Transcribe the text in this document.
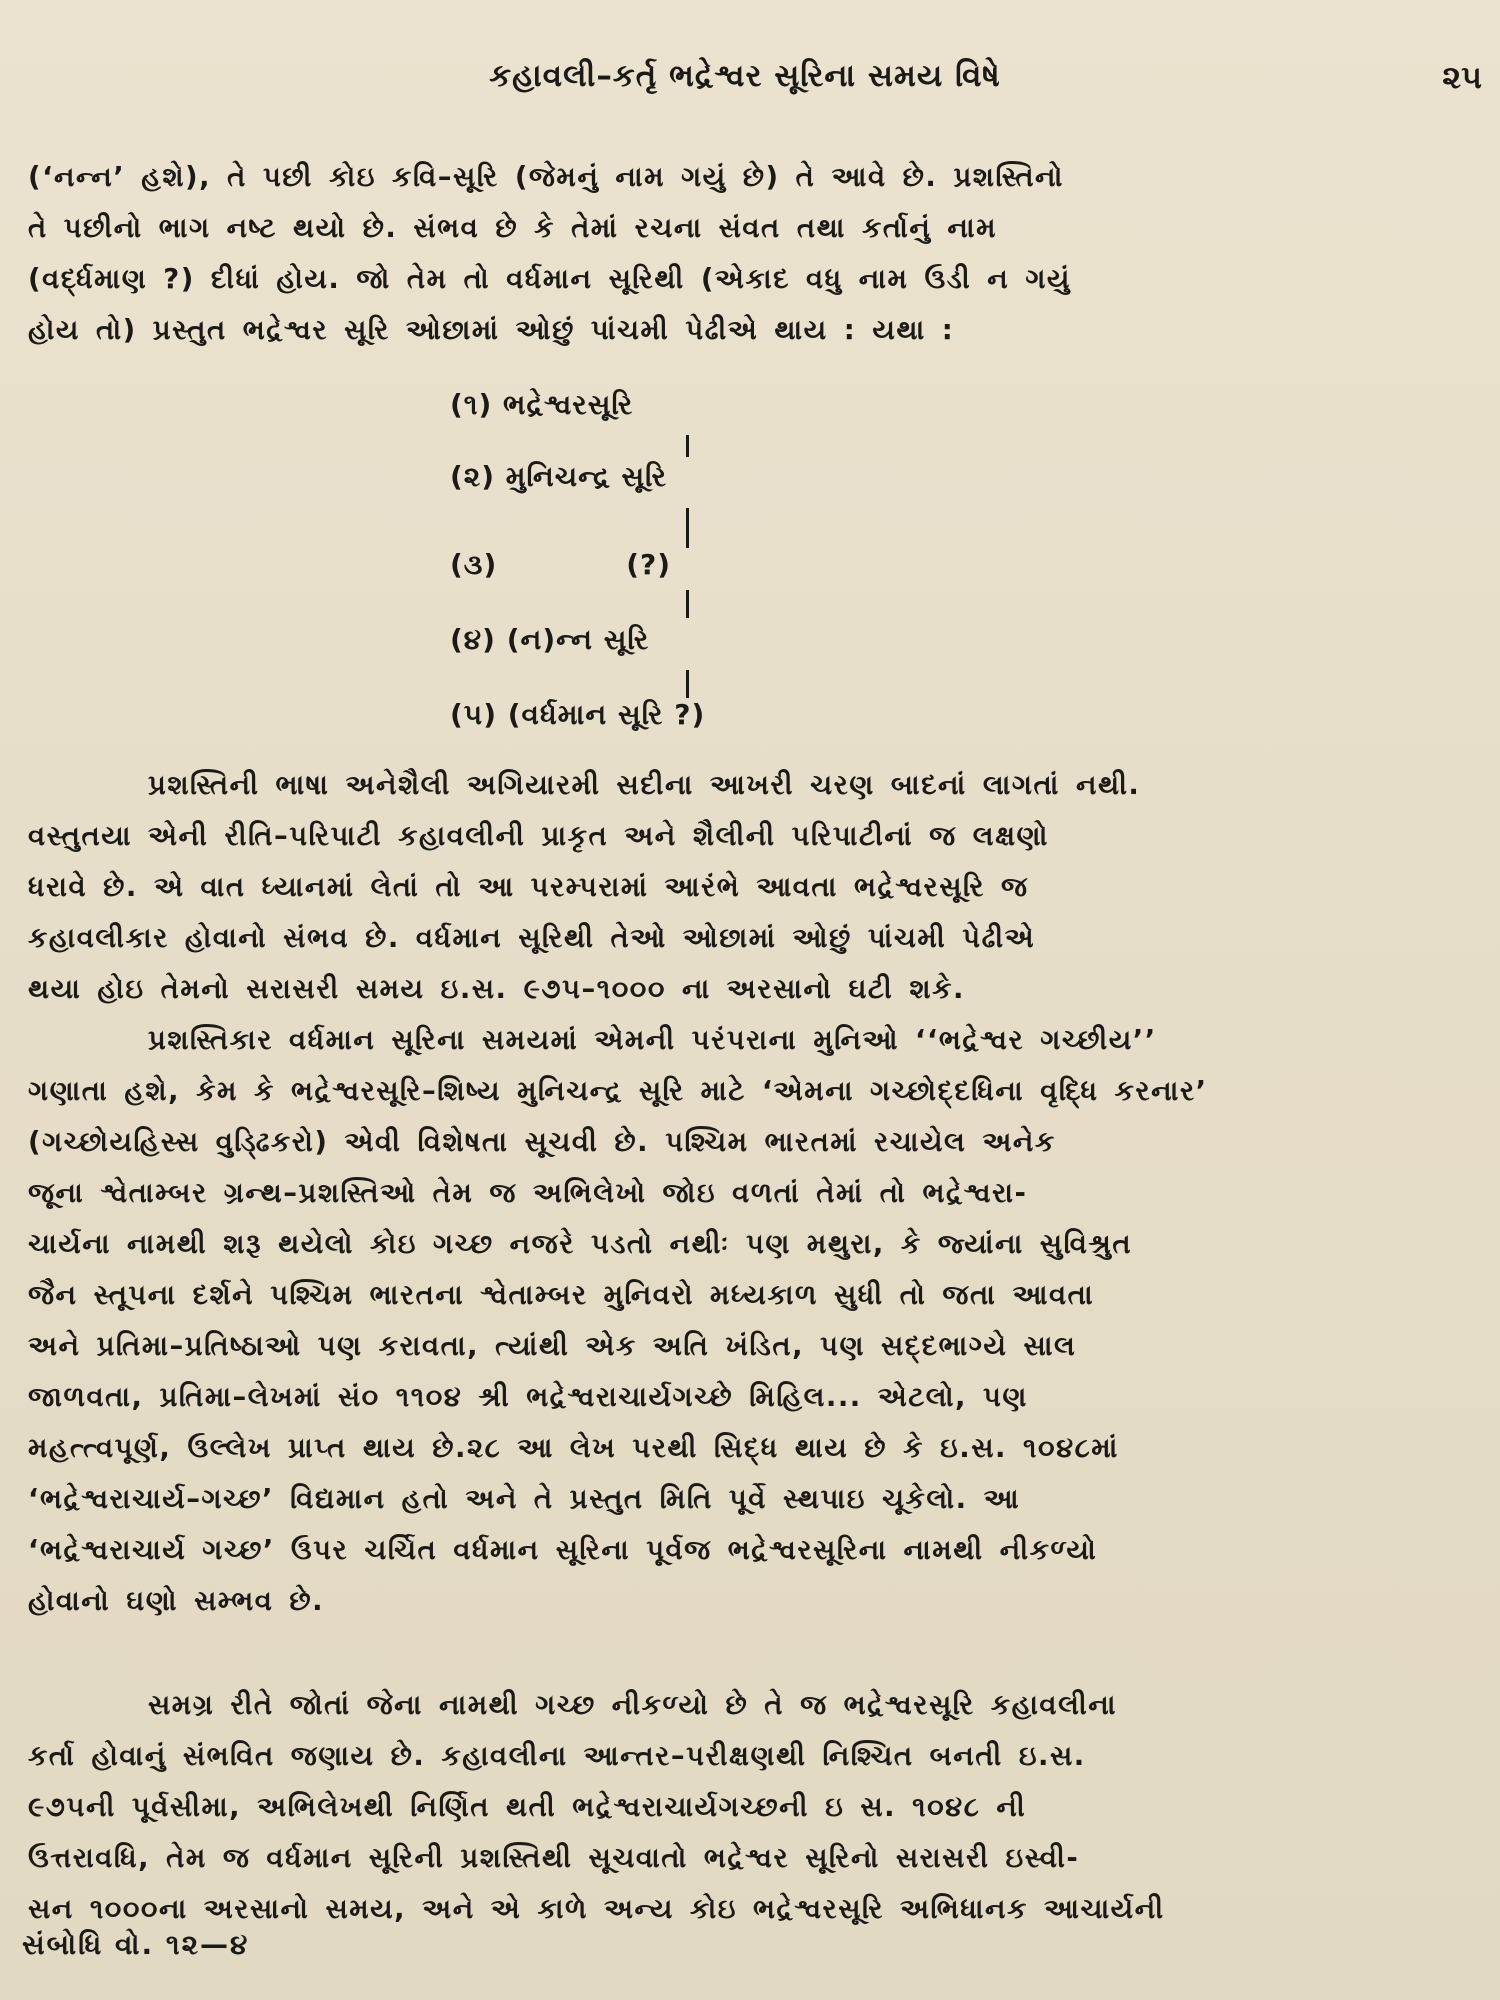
કહાવલી–કર્તૃ ભદ્રેશ્વર સૂરિના સમય વિષે	૨૫
(‘નન્ન’ હશે), તે પછી કોઇ કવિ–સૂરિ (જેમનું નામ ગયું છે) તે આવે છે. પ્રશસ્તિનો
તે પછીનો ભાગ નષ્ટ થયો છે. સંભવ છે કે તેમાં રચના સંવત તથા કર્તાનું નામ
(વર્દ્ધમાણ ?) દીધાં હોય. જો તેમ તો વર્ધમાન સૂરિથી (એકાદ વધુ નામ ઉડી ન ગયું
હોય તો) પ્રસ્તુત ભદ્રેશ્વર સૂરિ ઓછામાં ઓછું પાંચમી પેઢીએ થાય : યથા :
(૧) ભદ્રેશ્વરસૂરિ
(૨) મુનિચન્દ્ર સૂરિ
(૩)            (?)
(૪) (ન)ન્ન સૂરિ
(૫) (વર્ધમાન સૂરિ ?)
પ્રશસ્તિની ભાષા અનેશૈલી અગિયારમી સદીના આખરી ચરણ બાદનાં લાગતાં નથી.
વસ્તુતયા એની રીતિ–પરિપાટી કહાવલીની પ્રાકૃત અને શૈલીની પરિપાટીનાં જ લક્ષણો
ધરાવે છે. એ વાત ધ્યાનમાં લેતાં તો આ પરમ્પરામાં આરંભે આવતા ભદ્રેશ્વરસૂરિ જ
કહાવલીકાર હોવાનો સંભવ છે. વર્ધમાન સૂરિથી તેઓ ઓછામાં ઓછું પાંચમી પેઢીએ
થયા હોઇ તેમનો સરાસરી સમય ઇ.સ. ૯૭૫–૧૦૦૦ ના અરસાનો ઘટી શકે.
પ્રશસ્તિકાર વર્ધમાન સૂરિના સમયમાં એમની પરંપરાના મુનિઓ ‘‘ભદ્રેશ્વર ગચ્છીય’’
ગણાતા હશે, કેમ કે ભદ્રેશ્વરસૂરિ–શિષ્ય મુનિચન્દ્ર સૂરિ માટે ‘એમના ગચ્છોદ્દધિના વૃદ્ધિ કરનાર’
(ગચ્છોયહિસ્સ વુડ્ઢિકરો) એવી વિશેષતા સૂચવી છે. પશ્ચિમ ભારતમાં રચાયેલ અનેક
જૂના શ્વેતામ્બર ગ્રન્થ–પ્રશસ્તિઓ તેમ જ અભિલેખો જોઇ વળતાં તેમાં તો ભદ્રેશ્વરા-
ચાર્યના નામથી શરૂ થયેલો કોઇ ગચ્છ નજરે પડતો નથીઃ પણ મથુરા, કે જ્યાંના સુવિશ્રુત
જૈન સ્તૂપના દર્શને પશ્ચિમ ભારતના શ્વેતામ્બર મુનિવરો મધ્યકાળ સુધી તો જતા આવતા
અને પ્રતિમા–પ્રતિષ્ઠાઓ પણ કરાવતા, ત્યાંથી એક અતિ ખંડિત, પણ સદ્દભાગ્યે સાલ
જાળવતા, પ્રતિમા–લેખમાં સં૦ ૧૧૦૪ શ્રી ભદ્રેશ્વરાચાર્યગચ્છે મિહિલ... એટલો, પણ
મહત્ત્વપૂર્ણ, ઉલ્લેખ પ્રાપ્ત થાય છે.૨૮ આ લેખ પરથી સિદ્ધ થાય છે કે ઇ.સ. ૧૦૪૮માં
‘ભદ્રેશ્વરાચાર્ય–ગચ્છ’ વિદ્યમાન હતો અને તે પ્રસ્તુત મિતિ પૂર્વે સ્થપાઇ ચૂકેલો. આ
‘ભદ્રેશ્વરાચાર્ય ગચ્છ’ ઉપર ચર્ચિત વર્ધમાન સૂરિના પૂર્વજ ભદ્રેશ્વરસૂરિના નામથી નીકળ્યો
હોવાનો ઘણો સમ્ભવ છે.
સમગ્ર રીતે જોતાં જેના નામથી ગચ્છ નીકળ્યો છે તે જ ભદ્રેશ્વરસૂરિ કહાવલીના
કર્તા હોવાનું સંભવિત જણાય છે. કહાવલીના આન્તર–પરીક્ષણથી નિશ્ચિત બનતી ઇ.સ.
૯૭૫ની પૂર્વસીમા, અભિલેખથી નિર્ણિત થતી ભદ્રેશ્વરાચાર્યગચ્છની ઇ સ. ૧૦૪૮ ની
ઉત્તરાવધિ, તેમ જ વર્ધમાન સૂરિની પ્રશસ્તિથી સૂચવાતો ભદ્રેશ્વર સૂરિનો સરાસરી ઇસ્વી-
સન ૧૦૦૦ના અરસાનો સમય, અને એ કાળે અન્ય કોઇ ભદ્રેશ્વરસૂરિ અભિધાનક આચાર્યની
સંબોધિ વો. ૧૨—૪
